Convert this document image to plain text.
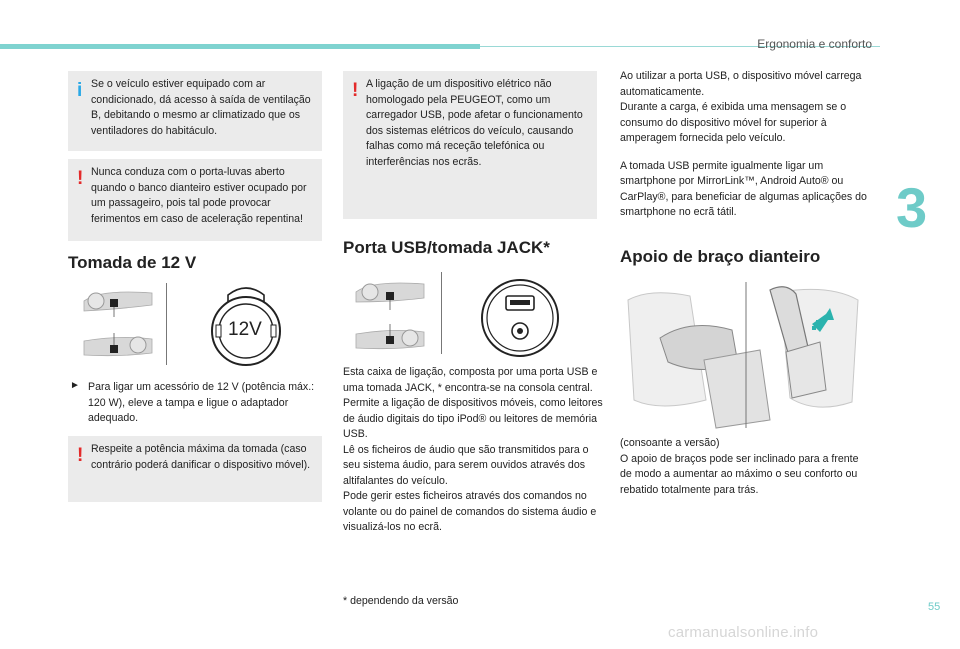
Ergonomia e conforto
3
55
carmanualsonline.info
i Se o veículo estiver equipado com ar condicionado, dá acesso à saída de ventilação B, debitando o mesmo ar climatizado que os ventiladores do habitáculo.

! Nunca conduza com o porta-luvas aberto quando o banco dianteiro estiver ocupado por um passageiro, pois tal pode provocar ferimentos em caso de aceleração repentina!

Tomada de 12 V
12V
► Para ligar um acessório de 12 V (potência máx.: 120 W), eleve a tampa e ligue o adaptador adequado.

! Respeite a potência máxima da tomada (caso contrário poderá danificar o dispositivo móvel).

! A ligação de um dispositivo elétrico não homologado pela PEUGEOT, como um carregador USB, pode afetar o funcionamento dos sistemas elétricos do veículo, causando falhas como má receção telefónica ou interferências nos ecrãs.

Porta USB/tomada JACK*

Esta caixa de ligação, composta por uma porta USB e uma tomada JACK, * encontra-se na consola central.

Permite a ligação de dispositivos móveis, como leitores de áudio digitais do tipo iPod® ou leitores de memória USB.

Lê os ficheiros de áudio que são transmitidos para o seu sistema áudio, para serem ouvidos através dos altifalantes do veículo.

Pode gerir estes ficheiros através dos comandos no volante ou do painel de comandos do sistema áudio e visualizá-los no ecrã.

* dependendo da versão

Ao utilizar a porta USB, o dispositivo móvel carrega automaticamente.

Durante a carga, é exibida uma mensagem se o consumo do dispositivo móvel for superior à amperagem fornecida pelo veículo.

A tomada USB permite igualmente ligar um smartphone por MirrorLink™, Android Auto® ou CarPlay®, para beneficiar de algumas aplicações do smartphone no ecrã tátil.

Apoio de braço dianteiro

(consoante a versão)

O apoio de braços pode ser inclinado para a frente de modo a aumentar ao máximo o seu conforto ou rebatido totalmente para trás.
